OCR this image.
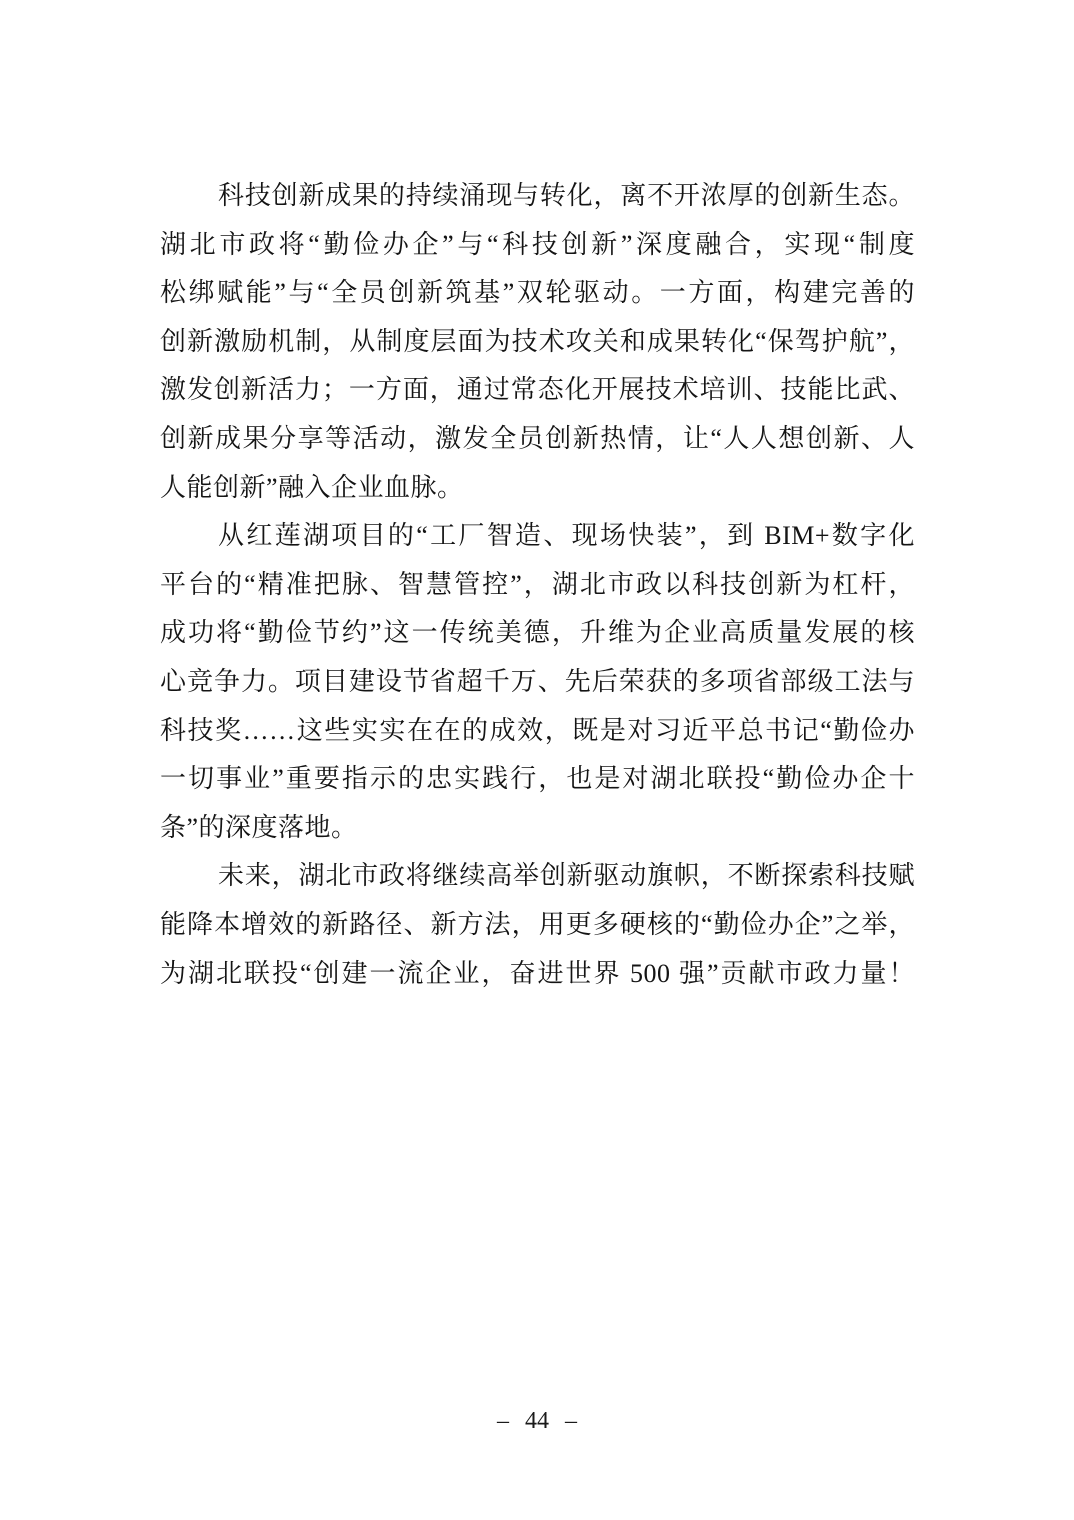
科技创新成果的持续涌现与转化，离不开浓厚的创新生态。
湖北市政将“勤俭办企”与“科技创新”深度融合，实现“制度
松绑赋能”与“全员创新筑基”双轮驱动。一方面，构建完善的
创新激励机制，从制度层面为技术攻关和成果转化“保驾护航”，
激发创新活力；一方面，通过常态化开展技术培训、技能比武、
创新成果分享等活动，激发全员创新热情，让“人人想创新、人
人能创新”融入企业血脉。
从红莲湖项目的“工厂智造、现场快装”，到 BIM+数字化
平台的“精准把脉、智慧管控”，湖北市政以科技创新为杠杆，
成功将“勤俭节约”这一传统美德，升维为企业高质量发展的核
心竞争力。项目建设节省超千万、先后荣获的多项省部级工法与
科技奖……这些实实在在的成效，既是对习近平总书记“勤俭办
一切事业”重要指示的忠实践行，也是对湖北联投“勤俭办企十
条”的深度落地。
未来，湖北市政将继续高举创新驱动旗帜，不断探索科技赋
能降本增效的新路径、新方法，用更多硬核的“勤俭办企”之举，
为湖北联投“创建一流企业，奋进世界 500 强”贡献市政力量！
– 44 –
